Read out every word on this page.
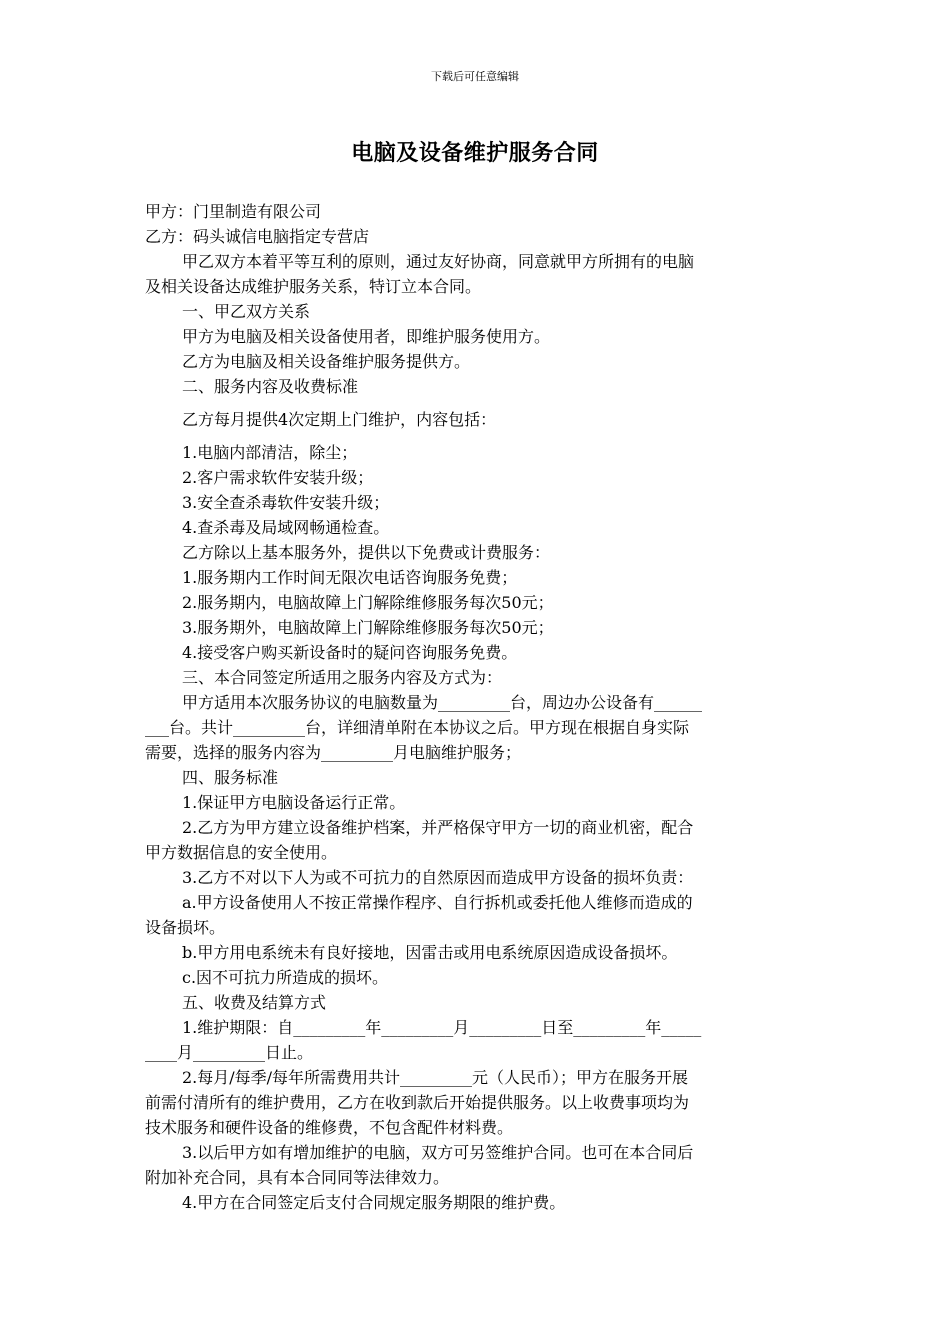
下载后可任意编辑
电脑及设备维护服务合同
甲方：门里制造有限公司
乙方：码头诚信电脑指定专营店
甲乙双方本着平等互利的原则，通过友好协商，同意就甲方所拥有的电脑
及相关设备达成维护服务关系，特订立本合同。
一、甲乙双方关系
甲方为电脑及相关设备使用者，即维护服务使用方。
乙方为电脑及相关设备维护服务提供方。
二、服务内容及收费标准
乙方每月提供4次定期上门维护，内容包括：
1.电脑内部清洁，除尘；
2.客户需求软件安装升级；
3.安全查杀毒软件安装升级；
4.查杀毒及局域网畅通检查。
乙方除以上基本服务外，提供以下免费或计费服务：
1.服务期内工作时间无限次电话咨询服务免费；
2.服务期内，电脑故障上门解除维修服务每次50元；
3.服务期外，电脑故障上门解除维修服务每次50元；
4.接受客户购买新设备时的疑问咨询服务免费。
三、本合同签定所适用之服务内容及方式为：
甲方适用本次服务协议的电脑数量为_________台，周边办公设备有______
___台。共计_________台，详细清单附在本协议之后。甲方现在根据自身实际
需要，选择的服务内容为_________月电脑维护服务；
四、服务标准
1.保证甲方电脑设备运行正常。
2.乙方为甲方建立设备维护档案，并严格保守甲方一切的商业机密，配合
甲方数据信息的安全使用。
3.乙方不对以下人为或不可抗力的自然原因而造成甲方设备的损坏负责：
a.甲方设备使用人不按正常操作程序、自行拆机或委托他人维修而造成的
设备损坏。
b.甲方用电系统未有良好接地，因雷击或用电系统原因造成设备损坏。
c.因不可抗力所造成的损坏。
五、收费及结算方式
1.维护期限：自_________年_________月_________日至_________年_____
____月_________日止。
2.每月/每季/每年所需费用共计_________元（人民币）；甲方在服务开展
前需付清所有的维护费用，乙方在收到款后开始提供服务。以上收费事项均为
技术服务和硬件设备的维修费，不包含配件材料费。
3.以后甲方如有增加维护的电脑，双方可另签维护合同。也可在本合同后
附加补充合同，具有本合同同等法律效力。
4.甲方在合同签定后支付合同规定服务期限的维护费。
